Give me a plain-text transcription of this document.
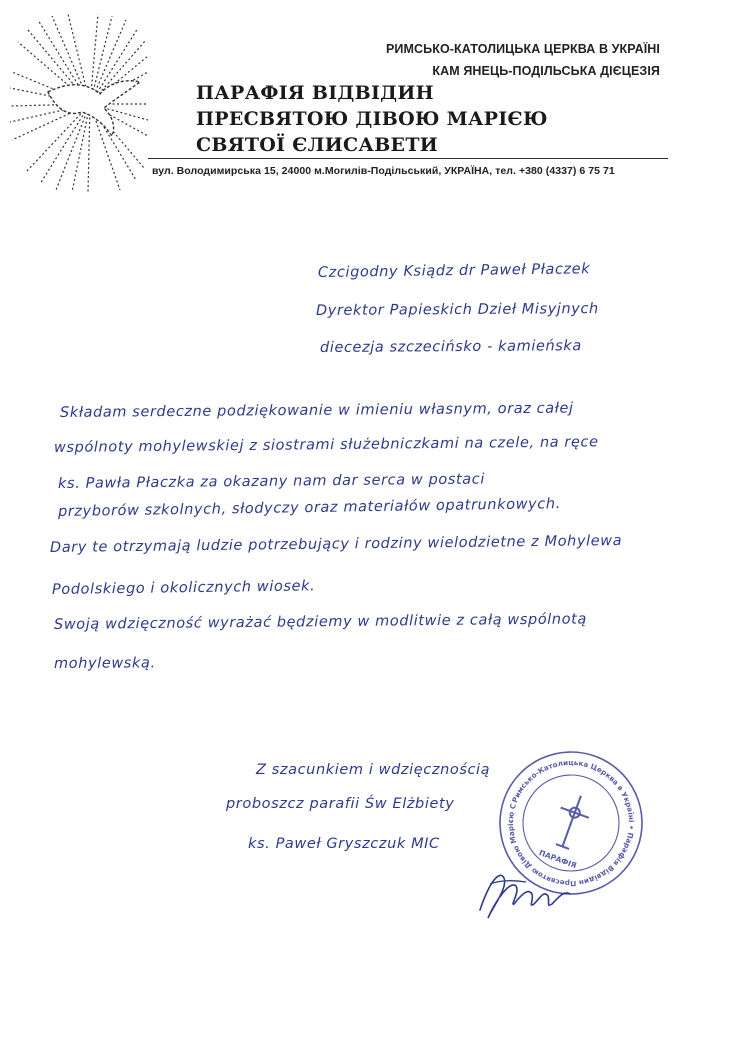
РИМСЬКО-КАТОЛИЦЬКА ЦЕРКВА В УКРАЇНІ
КАМ ЯНЕЦЬ-ПОДІЛЬСЬКА ДІЄЦЕЗІЯ
ПАРАФІЯ ВІДВІДИН
ПРЕСВЯТОЮ ДІВОЮ МАРІЄЮ
СВЯТОЇ ЄЛИСАВЕТИ
вул. Володимирська 15, 24000 м.Могилів-Подільський, УКРАЇНА, тел. +380 (4337) 6 75 71
Czcigodny Ksiądz dr Paweł Płaczek
Dyrektor Papieskich Dzieł Misyjnych
diecezja szczecińsko - kamieńska
Składam serdeczne podziękowanie w imieniu własnym, oraz całej
wspólnoty mohylewskiej z siostrami służebniczkami na czele, na ręce
ks. Pawła Płaczka za okazany nam dar serca w postaci
przyborów szkolnych, słodyczy oraz materiałów opatrunkowych.
Dary te otrzymają ludzie potrzebujący i rodziny wielodzietne z Mohylewa
Podolskiego i okolicznych wiosek.
Swoją wdzięczność wyrażać będziemy w modlitwie z całą wspólnotą
mohylewską.
Z szacunkiem i wdzięcznością
proboszcz parafii Św Elżbiety
ks. Paweł Gryszczuk MIC
Римсько-Католицька Церква в Україні • Парафія Відвідин Пресвятою Дівою Марією Святої
ПАРАФІЯ
